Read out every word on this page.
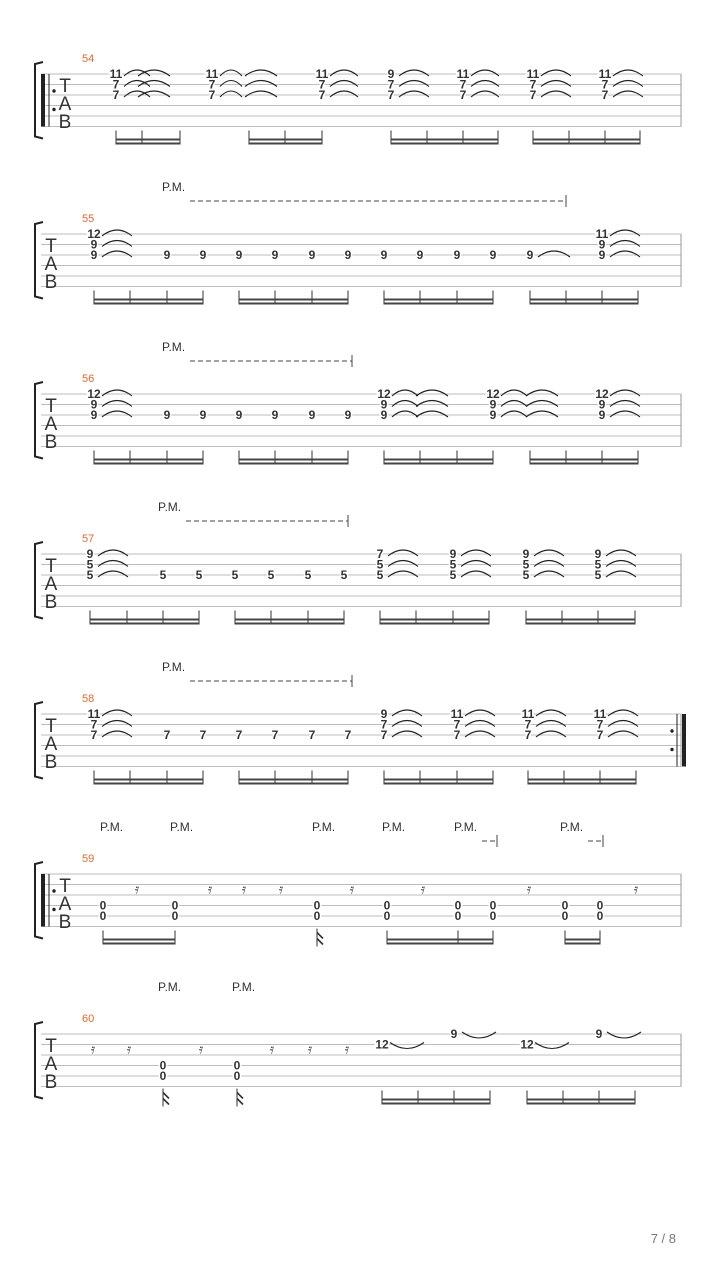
T
A
B
54
11
7
7
11
7
7
11
7
7
9
7
7
11
7
7
11
7
7
11
7
7
T
A
B
55
P.M.
12
9
9	9 9 9 9	9 9 9 9	9 9	9
11
9
9
T
A
B
56
P.M.
12
9
9	9 9 9 9	9 9
12
9
9
12
9
9
12
9
9
T
A
B
57
P.M.
9
5
5	5 5 5 5	5 5
7
5
5
9
5
5
9
5
5
9
5
5
T
A
B
58
P.M.
11
7
7	7 7 7 7	7 7
9
7
7
11
7
7
11
7
7
11
7
7
T
A
B
59
P.M.	P.M.	P.M.	P.M.	P.M.	P.M.
𝄿	𝄿 𝄿 𝄿	𝄿	𝄿	𝄿	𝄿
0
0
0
0
0
0
0
0
0
0
0
0
0
0
0
0
T
A
B
60
P.M.	P.M.
𝄿 𝄿	𝄿	𝄿 𝄿 𝄿
0
0
0
0
12
9
12
9
7 / 8
